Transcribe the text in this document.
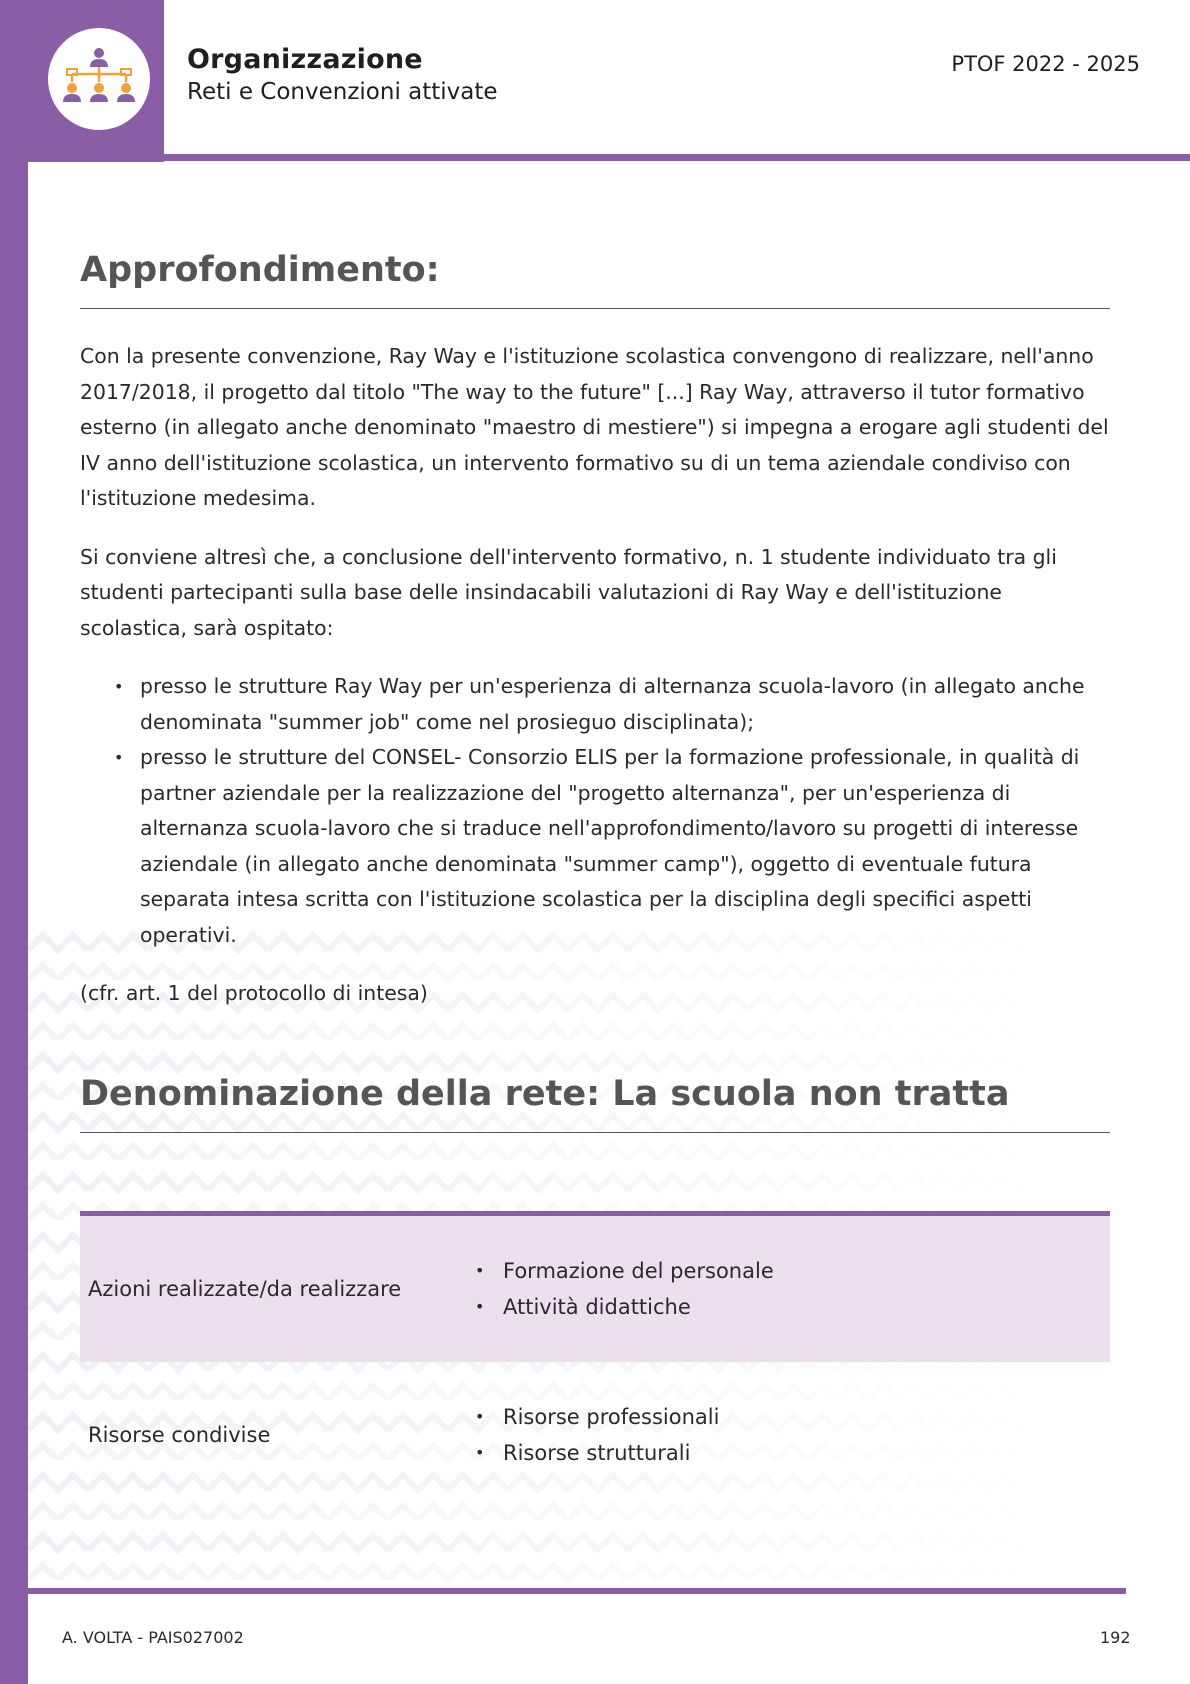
Organizzazione
Reti e Convenzioni attivate
PTOF 2022 - 2025
Approfondimento:

Con la presente convenzione, Ray Way e l'istituzione scolastica convengono di realizzare, nell'anno 2017/2018, il progetto dal titolo "The way to the future" [...] Ray Way, attraverso il tutor formativo esterno (in allegato anche denominato "maestro di mestiere") si impegna a erogare agli studenti del IV anno dell'istituzione scolastica, un intervento formativo su di un tema aziendale condiviso con l'istituzione medesima.

Si conviene altresì che, a conclusione dell'intervento formativo, n. 1 studente individuato tra gli studenti partecipanti sulla base delle insindacabili valutazioni di Ray Way e dell'istituzione scolastica, sarà ospitato:

• presso le strutture Ray Way per un'esperienza di alternanza scuola-lavoro (in allegato anche denominata "summer job" come nel prosieguo disciplinata);
• presso le strutture del CONSEL- Consorzio ELIS per la formazione professionale, in qualità di partner aziendale per la realizzazione del "progetto alternanza", per un'esperienza di alternanza scuola-lavoro che si traduce nell'approfondimento/lavoro su progetti di interesse aziendale (in allegato anche denominata "summer camp"), oggetto di eventuale futura separata intesa scritta con l'istituzione scolastica per la disciplina degli specifici aspetti operativi.

(cfr. art. 1 del protocollo di intesa)

Denominazione della rete: La scuola non tratta
Azioni realizzate/da realizzare
• Formazione del personale
• Attività didattiche
Risorse condivise
• Risorse professionali
• Risorse strutturali
A. VOLTA - PAIS027002	192
